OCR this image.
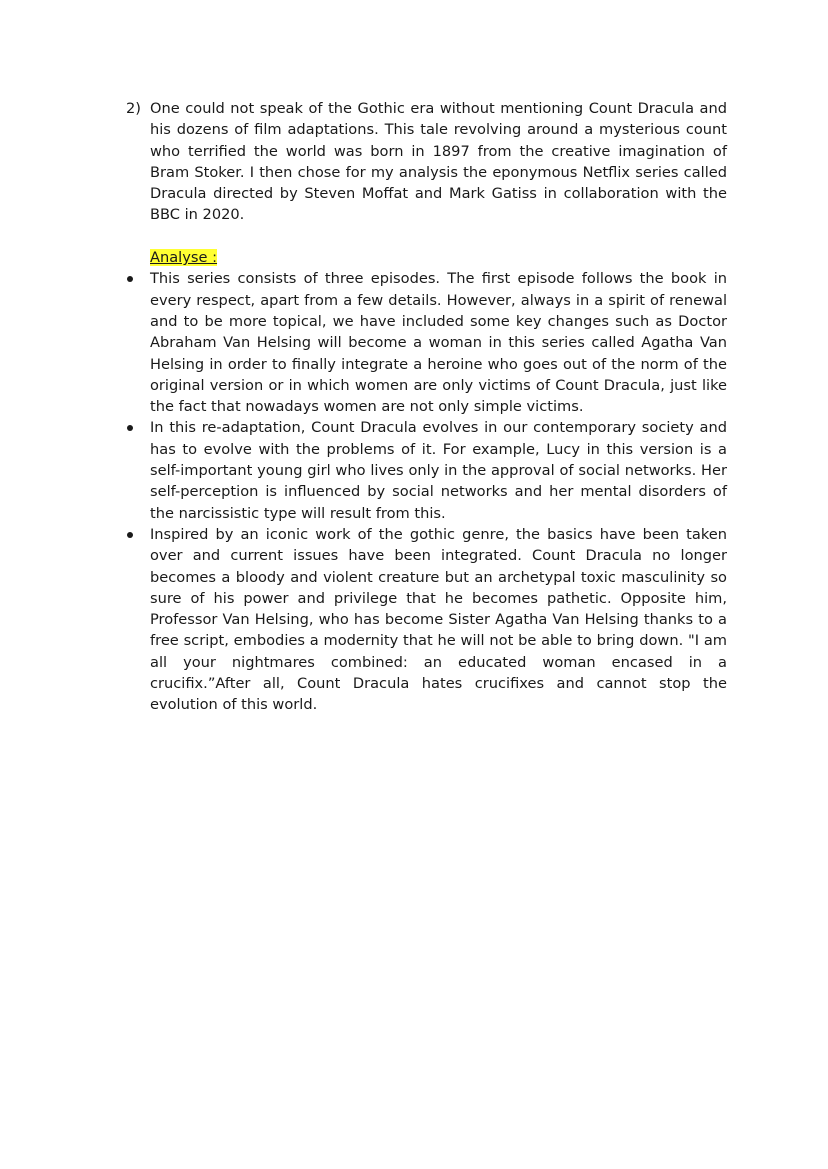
2) One could not speak of the Gothic era without mentioning Count Dracula and his dozens of film adaptations. This tale revolving around a mysterious count who terrified the world was born in 1897 from the creative imagination of Bram Stoker. I then chose for my analysis the eponymous Netflix series called Dracula directed by Steven Moffat and Mark Gatiss in collaboration with the BBC in 2020.

Analyse :

This series consists of three episodes. The first episode follows the book in every respect, apart from a few details. However, always in a spirit of renewal and to be more topical, we have included some key changes such as Doctor Abraham Van Helsing will become a woman in this series called Agatha Van Helsing in order to finally integrate a heroine who goes out of the norm of the original version or in which women are only victims of Count Dracula, just like the fact that nowadays women are not only simple victims.

In this re-adaptation, Count Dracula evolves in our contemporary society and has to evolve with the problems of it. For example, Lucy in this version is a self-important young girl who lives only in the approval of social networks. Her self-perception is influenced by social networks and her mental disorders of the narcissistic type will result from this.

Inspired by an iconic work of the gothic genre, the basics have been taken over and current issues have been integrated. Count Dracula no longer becomes a bloody and violent creature but an archetypal toxic masculinity so sure of his power and privilege that he becomes pathetic. Opposite him, Professor Van Helsing, who has become Sister Agatha Van Helsing thanks to a free script, embodies a modernity that he will not be able to bring down. "I am all your nightmares combined: an educated woman encased in a crucifix.”After all, Count Dracula hates crucifixes and cannot stop the evolution of this world.
